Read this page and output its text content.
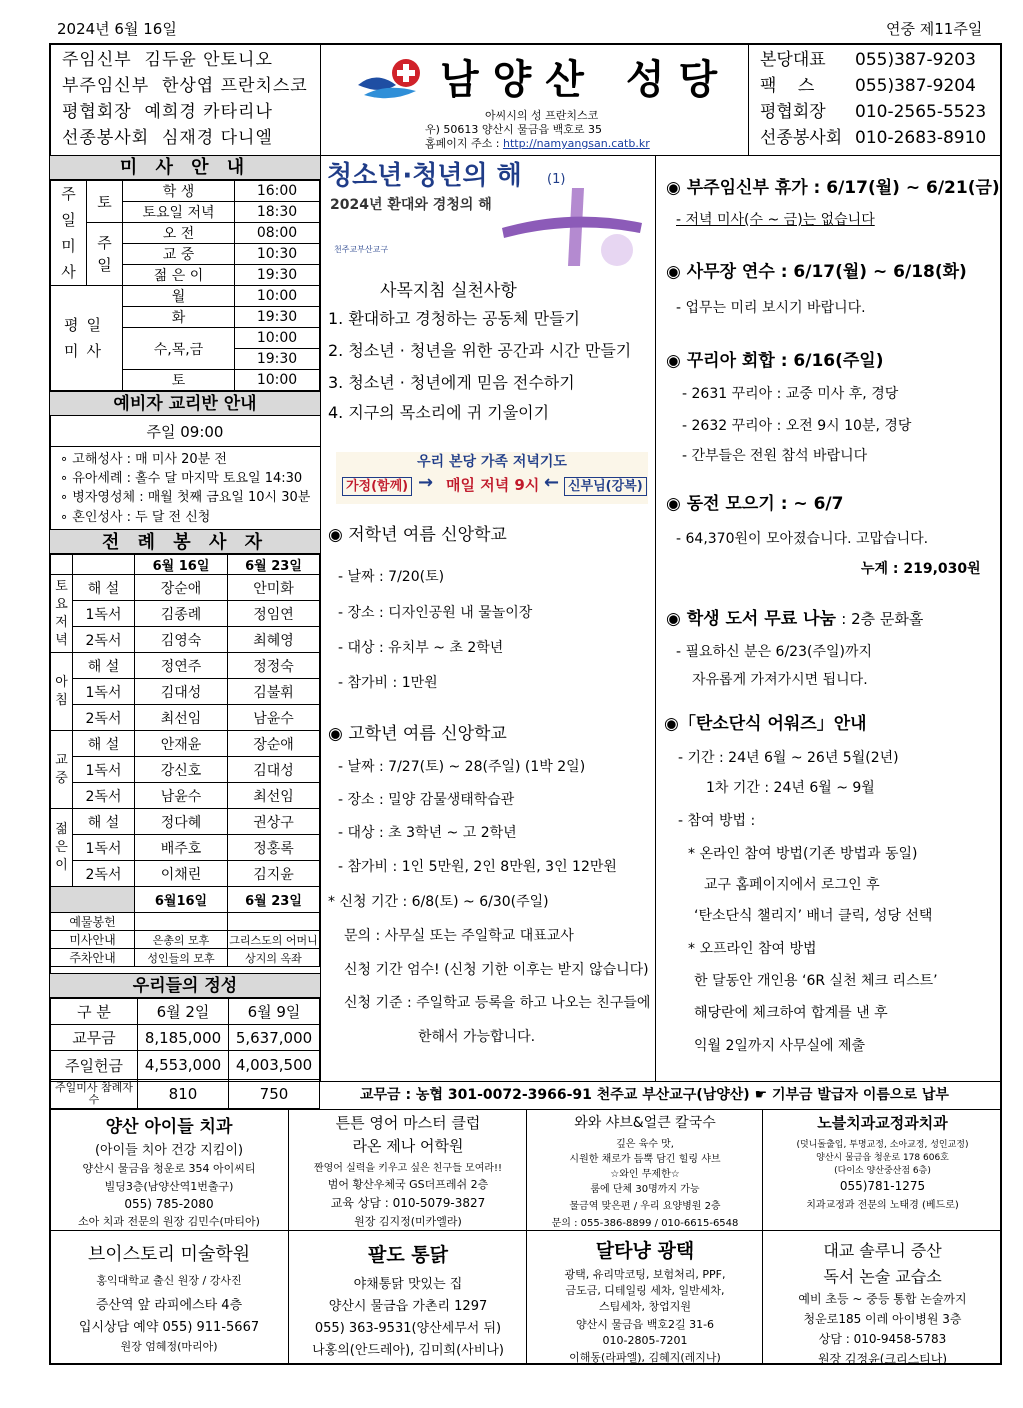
2024년 6월 16일	연중 제11주일
주임신부 김두윤 안토니오
부주임신부 한상엽 프란치스코
평협회장 예희경 카타리나
선종봉사회 심재경 다니엘
남양산 성당
아씨시의 성 프란치스코
우) 50613 양산시 물금읍 백호로 35
홈페이지 주소 : http://namyangsan.catb.kr
본당대표 055)387-9203
팩 스 055)387-9204
평협회장 010-2565-5523
선종봉사회 010-2683-8910
미 사 안 내
주일미사	토	학 생	16:00
		토요일 저녁	18:30

	주일	오 전	08:00
		교 중	10:30
		젊 은 이	19:30

평일미사		월	10:00
		화	19:30
		수,목,금	10:00
			19:30
		토	10:00
예비자 교리반 안내
주일 09:00
∘ 고해성사 : 매 미사 20분 전
∘ 유아세례 : 홀수 달 마지막 토요일 14:30
∘ 병자영성체 : 매월 첫째 금요일 10시 30분
∘ 혼인성사 : 두 달 전 신청
전 례 봉 사 자
		6월 16일	6월 23일

토요저녁	해 설	장순애	안미화
	1독서	김종례	정임연
	2독서	김영숙	최혜영

아침	해 설	정연주	정정숙
	1독서	김대성	김불휘
	2독서	최선임	남윤수

교중	해 설	안재윤	장순애
	1독서	강신호	김대성
	2독서	남윤수	최선임

젊은이	해 설	정다혜	권상구
	1독서	배주호	정홍록
	2독서	이채린	김지윤
		6월16일	6월 23일
예물봉헌			
미사안내		은총의 모후	그리스도의 어머니
주차안내		성인들의 모후	상지의 옥좌
우리들의 정성
구 분	6월 2일	6월 9일
교무금	8,185,000	5,637,000
주일헌금	4,553,000	4,003,500
주일미사 참례자수	810	750
청소년·청년의 해 (1)
2024년 환대와 경청의 해
천주교부산교구
사목지침 실천사항
1. 환대하고 경청하는 공동체 만들기
2. 청소년 · 청년을 위한 공간과 시간 만들기
3. 청소년 · 청년에게 믿음 전수하기
4. 지구의 목소리에 귀 기울이기
우리 본당 가족 저녁기도
가정(함께) → 매일 저녁 9시 ← 신부님(강복)
◉ 저학년 여름 신앙학교
- 날짜 : 7/20(토)
- 장소 : 디자인공원 내 물놀이장
- 대상 : 유치부 ~ 초 2학년
- 참가비 : 1만원
◉ 고학년 여름 신앙학교
- 날짜 : 7/27(토) ~ 28(주일) (1박 2일)
- 장소 : 밀양 감물생태학습관
- 대상 : 초 3학년 ~ 고 2학년
- 참가비 : 1인 5만원, 2인 8만원, 3인 12만원
* 신청 기간 : 6/8(토) ~ 6/30(주일)
문의 : 사무실 또는 주일학교 대표교사
신청 기간 엄수! (신청 기한 이후는 받지 않습니다)
신청 기준 : 주일학교 등록을 하고 나오는 친구들에
한해서 가능합니다.
◉ 부주임신부 휴가 : 6/17(월) ~ 6/21(금)
- 저녁 미사(수 ~ 금)는 없습니다
◉ 사무장 연수 : 6/17(월) ~ 6/18(화)
- 업무는 미리 보시기 바랍니다.
◉ 꾸리아 회합 : 6/16(주일)
- 2631 꾸리아 : 교중 미사 후, 경당
- 2632 꾸리아 : 오전 9시 10분, 경당
- 간부들은 전원 참석 바랍니다
◉ 동전 모으기 : ~ 6/7
- 64,370원이 모아졌습니다. 고맙습니다.
누계 : 219,030원
◉ 학생 도서 무료 나눔 : 2층 문화홀
- 필요하신 분은 6/23(주일)까지
자유롭게 가져가시면 됩니다.
◉「탄소단식 어워즈」안내
- 기간 : 24년 6월 ~ 26년 5월(2년)
1차 기간 : 24년 6월 ~ 9월
- 참여 방법 :
* 온라인 참여 방법(기존 방법과 동일)
교구 홈페이지에서 로그인 후
‘탄소단식 챌리지’ 배너 클릭, 성당 선택
* 오프라인 참여 방법
한 달동안 개인용 ‘6R 실천 체크 리스트’
해당란에 체크하여 합계를 낸 후
익월 2일까지 사무실에 제출
교무금 : 농협 301-0072-3966-91 천주교 부산교구(남양산) ☛ 기부금 발급자 이름으로 납부
양산 아이들 치과
(아이들 치아 건강 지킴이)
양산시 물금읍 청운로 354 아이씨티
빌딩3층(남양산역1번출구)
055) 785-2080
소아 치과 전문의 원장 김민수(마티아)
튼튼 영어 마스터 클럽
라온 제나 어학원
짠영어 실력을 키우고 싶은 친구들 모여라!!
범어 황산우체국 GS더프레쉬 2층
교육 상담 : 010-5079-3827
원장 김지정(미카엘라)
와와 샤브&얼큰 칼국수
깊은 육수 맛,
시원한 채로가 듬뿍 담긴 힐링 샤브
☆와인 무제한☆
룸에 단체 30명까지 가능
물금역 맞은편 / 우리 요양병원 2층
문의 : 055-386-8899 / 010-6615-6548
노블치과교정과치과
(덧니돌출입, 투명교정, 소아교정, 성인교정)
양산시 물금읍 청운로 178 606호
(다이소 양산중산점 6층)
055)781-1275
치과교정과 전문의 노태경 (베드로)
브이스토리 미술학원
홍익대학교 출신 원장 / 강사진
증산역 앞 라피에스타 4층
입시상담 예약 055) 911-5667
원장 엄혜정(마리아)
팔도 통닭
야채통닭 맛있는 집
양산시 물금읍 가촌리 1297
055) 363-9531(양산세무서 뒤)
나홍의(안드레아), 김미희(사비나)
달타냥 광택
광택, 유리막코팅, 보험처리, PPF,
금도금, 디테일링 세차, 일반세차,
스팀세차, 창업지원
양산시 물금읍 백호2길 31-6
010-2805-7201
이해동(라파엘), 김혜지(레지나)
대교 솔루니 증산
독서 논술 교습소
예비 초등 ~ 중등 통합 논술까지
청운로185 이레 아이병원 3층
상담 : 010-9458-5783
원장 김정윤(크리스티나)
